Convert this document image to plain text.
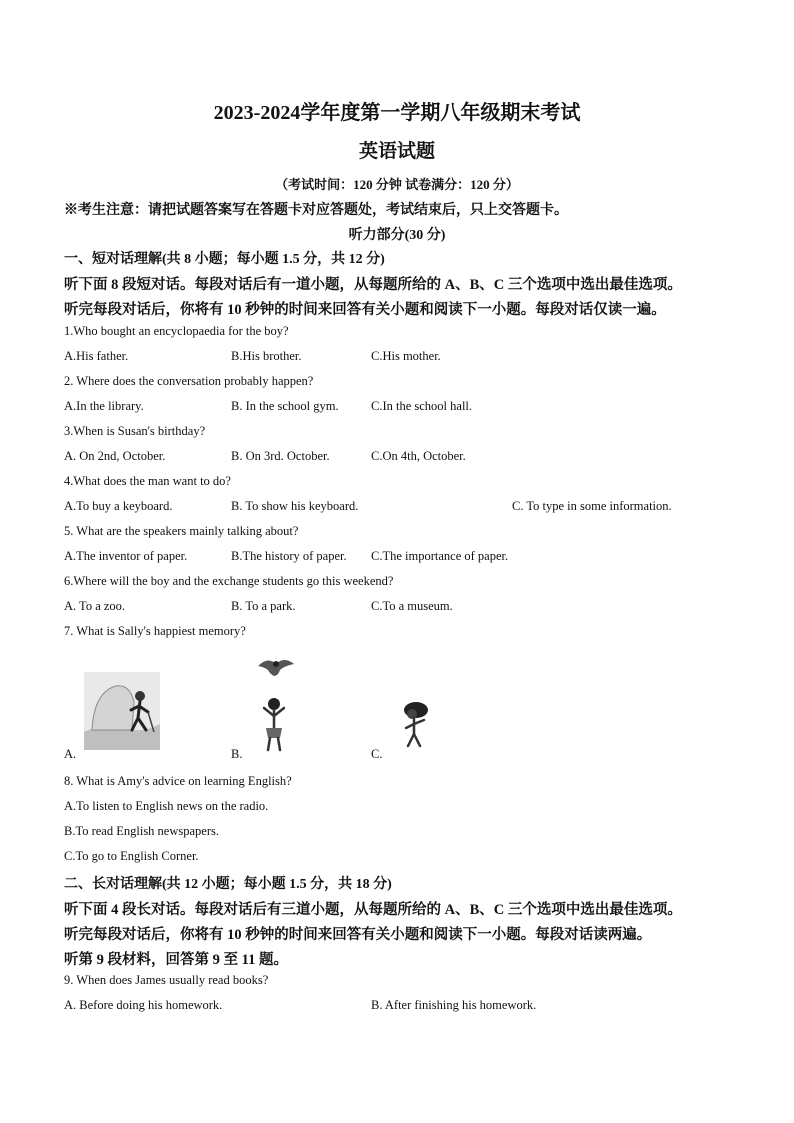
2023-2024学年度第一学期八年级期末考试
英语试题
（考试时间：120 分钟 试卷满分：120 分）
※考生注意：请把试题答案写在答题卡对应答题处，考试结束后，只上交答题卡。
听力部分(30 分)
一、短对话理解(共 8 小题；每小题 1.5 分，共 12 分)
听下面 8 段短对话。每段对话后有一道小题，从每题所给的 A、B、C 三个选项中选出最佳选项。
听完每段对话后，你将有 10 秒钟的时间来回答有关小题和阅读下一小题。每段对话仅读一遍。
1.Who bought an encyclopaedia for the boy?
A.His father.	B.His brother.	C.His mother.
2. Where does the conversation probably happen?
A.In the library.	B. In the school gym.	C.In the school hall.
3.When is Susan's birthday?
A. On 2nd, October.	B. On 3rd. October.	C.On 4th, October.
4.What does the man want to do?
A.To buy a keyboard.	B. To show his keyboard.	C. To type in some information.
5. What are the speakers mainly talking about?
A.The inventor of paper.	B.The history of paper. C.The importance of paper.
6.Where will the boy and the exchange students go this weekend?
A. To a zoo.	B. To a park.	C.To a museum.
7. What is Sally's happiest memory?
A.	B.	C.
8. What is Amy's advice on learning English?
A.To listen to English news on the radio.
B.To read English newspapers.
C.To go to English Corner.
二、长对话理解(共 12 小题；每小题 1.5 分，共 18 分)
听下面 4 段长对话。每段对话后有三道小题，从每题所给的 A、B、C 三个选项中选出最佳选项。
听完每段对话后，你将有 10 秒钟的时间来回答有关小题和阅读下一小题。每段对话读两遍。
听第 9 段材料，回答第 9 至 11 题。
9. When does James usually read books?
A. Before doing his homework.	B. After finishing his homework.
